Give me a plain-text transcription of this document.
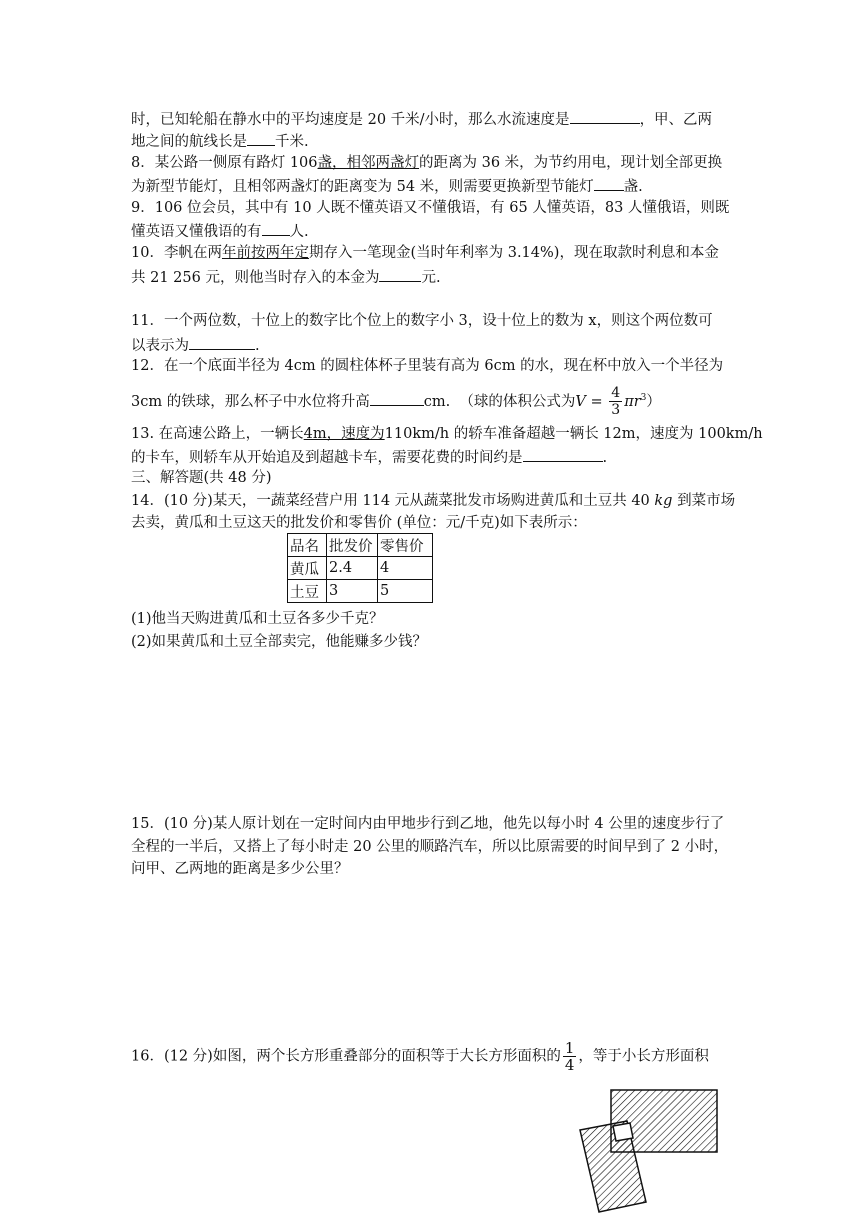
时，已知轮船在静水中的平均速度是 20 千米/小时，那么水流速度是	，甲、乙两
地之间的航线长是 千米.
8．某公路一侧原有路灯 106盏，相邻两盏灯的距离为 36 米，为节约用电，现计划全部更换
为新型节能灯，且相邻两盏灯的距离变为 54 米，则需要更换新型节能灯 盏.
9．106 位会员，其中有 10 人既不懂英语又不懂俄语，有 65 人懂英语，83 人懂俄语，则既
懂英语又懂俄语的有 人.
10．李帆在两年前按两年定期存入一笔现金(当时年利率为 3.14%)，现在取款时利息和本金
共 21 256 元，则他当时存入的本金为	元.
11．一个两位数，十位上的数字比个位上的数字小 3，设十位上的数为 x，则这个两位数可
以表示为	.
12．在一个底面半径为 4cm 的圆柱体杯子里装有高为 6cm 的水，现在杯中放入一个半径为
3cm 的铁球，那么杯子中水位将升高	cm. （球的体积公式为$V = \frac{4}{3} \pi r^3$）
13. 在高速公路上，一辆长4m，速度为110km/h 的轿车准备超越一辆长 12m，速度为 100km/h
的卡车，则轿车从开始追及到超越卡车，需要花费的时间约是	.
三、解答题(共 48 分)
14．(10 分)某天，一蔬菜经营户用 114 元从蔬菜批发市场购进黄瓜和土豆共 40 kg 到菜市场
去卖，黄瓜和土豆这天的批发价和零售价 (单位：元/千克)如下表所示：
品名	批发价	零售价
黄瓜	2.4	4
土豆	3	5
(1)他当天购进黄瓜和土豆各多少千克？
(2)如果黄瓜和土豆全部卖完，他能赚多少钱？
15．(10 分)某人原计划在一定时间内由甲地步行到乙地，他先以每小时 4 公里的速度步行了
全程的一半后，又搭上了每小时走 20 公里的顺路汽车，所以比原需要的时间早到了 2 小时，
问甲、乙两地的距离是多少公里？
16．(12 分)如图，两个长方形重叠部分的面积等于大长方形面积的 $\frac{1}{4}$ ，等于小长方形面积
